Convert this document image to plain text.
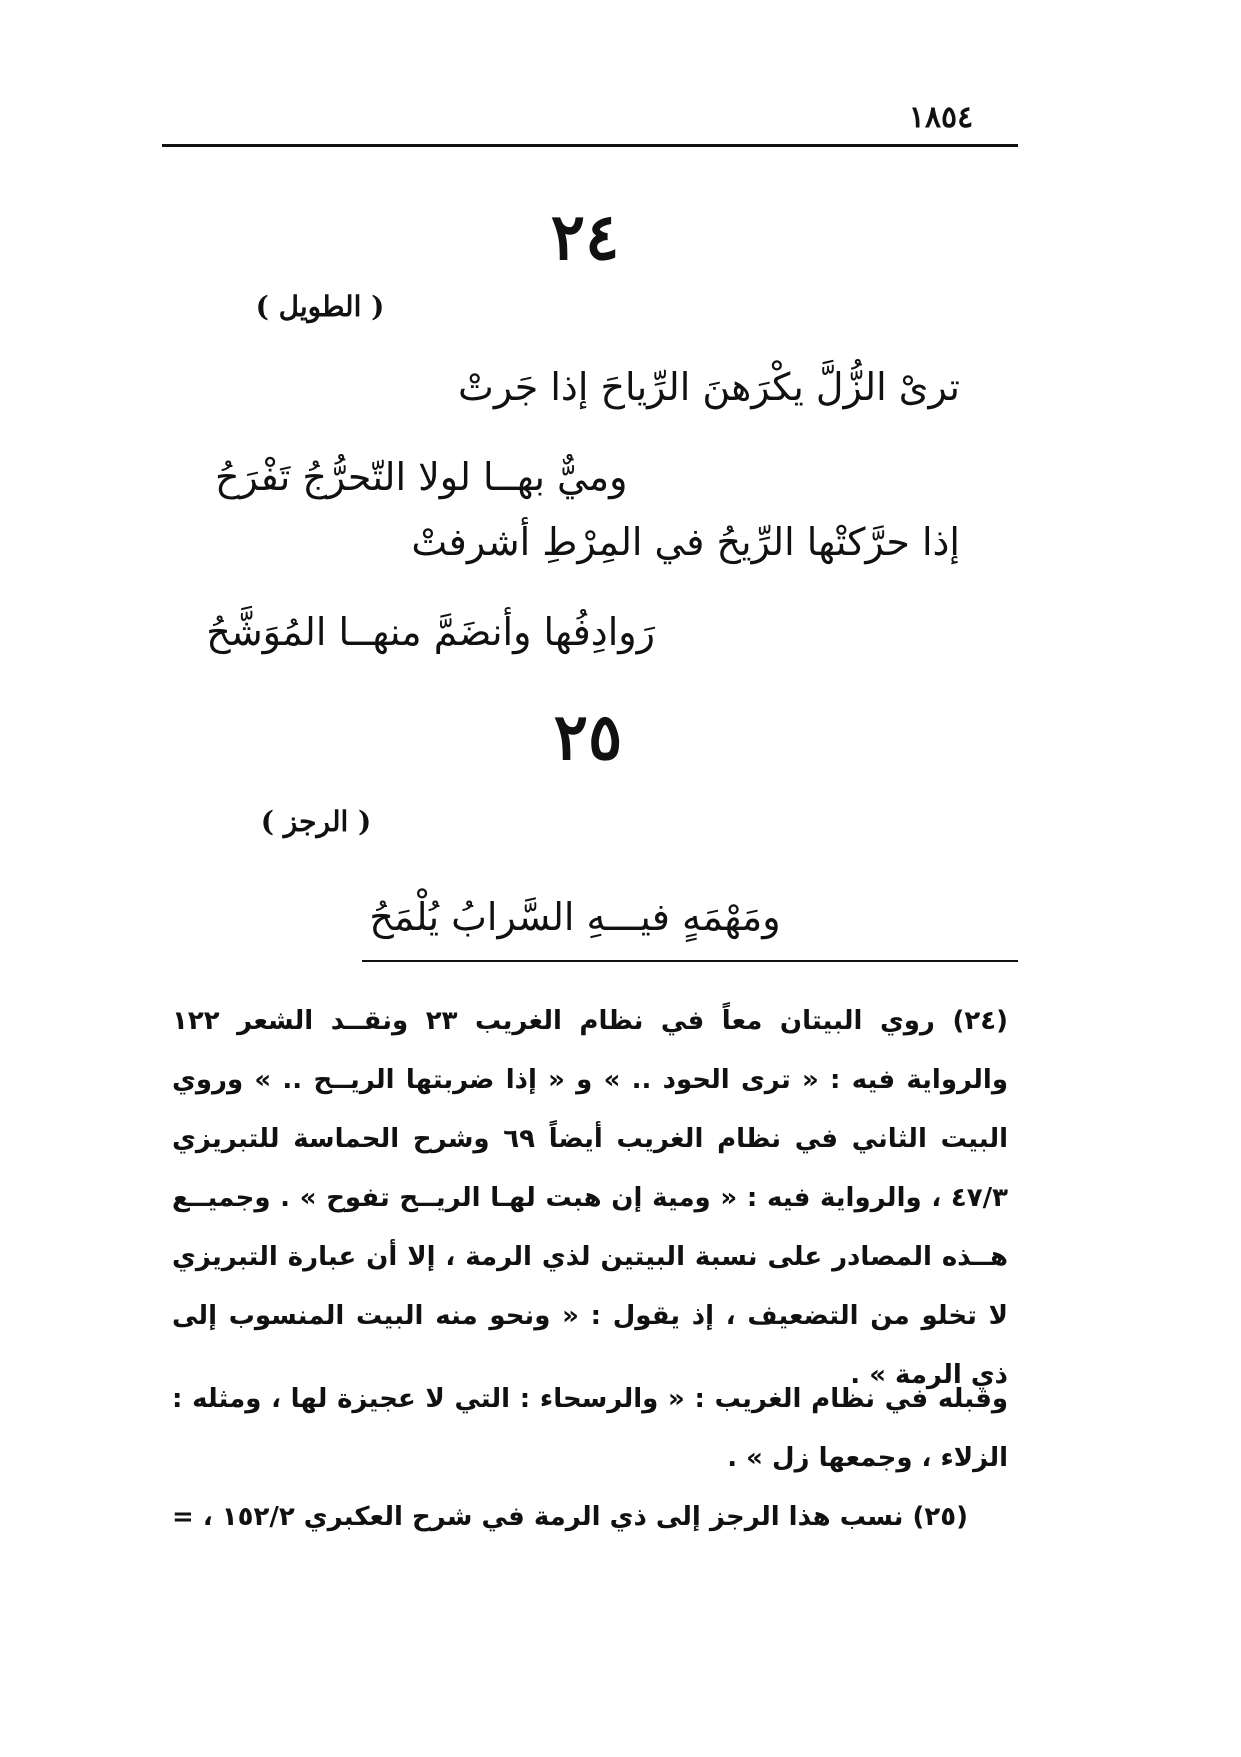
١٨٥٤
٢٤
( الطويل )
ترىْ الزُّلَّ يكْرَهنَ الرِّياحَ إذا جَرتْ
وميٌّ بهــا لولا التّحرُّجُ تَفْرَحُ
إذا حرَّكتْها الرِّيحُ في المِرْطِ أشرفتْ
رَوادِفُها وأنضَمَّ منهــا المُوَشَّحُ
٢٥
( الرجز )
ومَهْمَهٍ فيـــهِ السَّرابُ يُلْمَحُ
(٢٤) روي البيتان معاً في نظام الغريب ٢٣ ونقــد الشعر ١٢٢ والرواية فيه : « ترى الحود .. » و « إذا ضربتها الريــح .. » وروي البيت الثاني في نظام الغريب أيضاً ٦٩ وشرح الحماسة للتبريزي ٤٧/٣ ، والرواية فيه : « ومية إن هبت لهـا الريــح تفوح » . وجميــع هــذه المصادر على نسبة البيتين لذي الرمة ، إلا أن عبارة التبريزي لا تخلو من التضعيف ، إذ يقول : « ونحو منه البيت المنسوب إلى ذي الرمة » .
وقبله في نظام الغريب : « والرسحاء : التي لا عجيزة لها ، ومثله : الزلاء ، وجمعها زل » .
(٢٥) نسب هذا الرجز إلى ذي الرمة في شرح العكبري ١٥٢/٢ ، =
